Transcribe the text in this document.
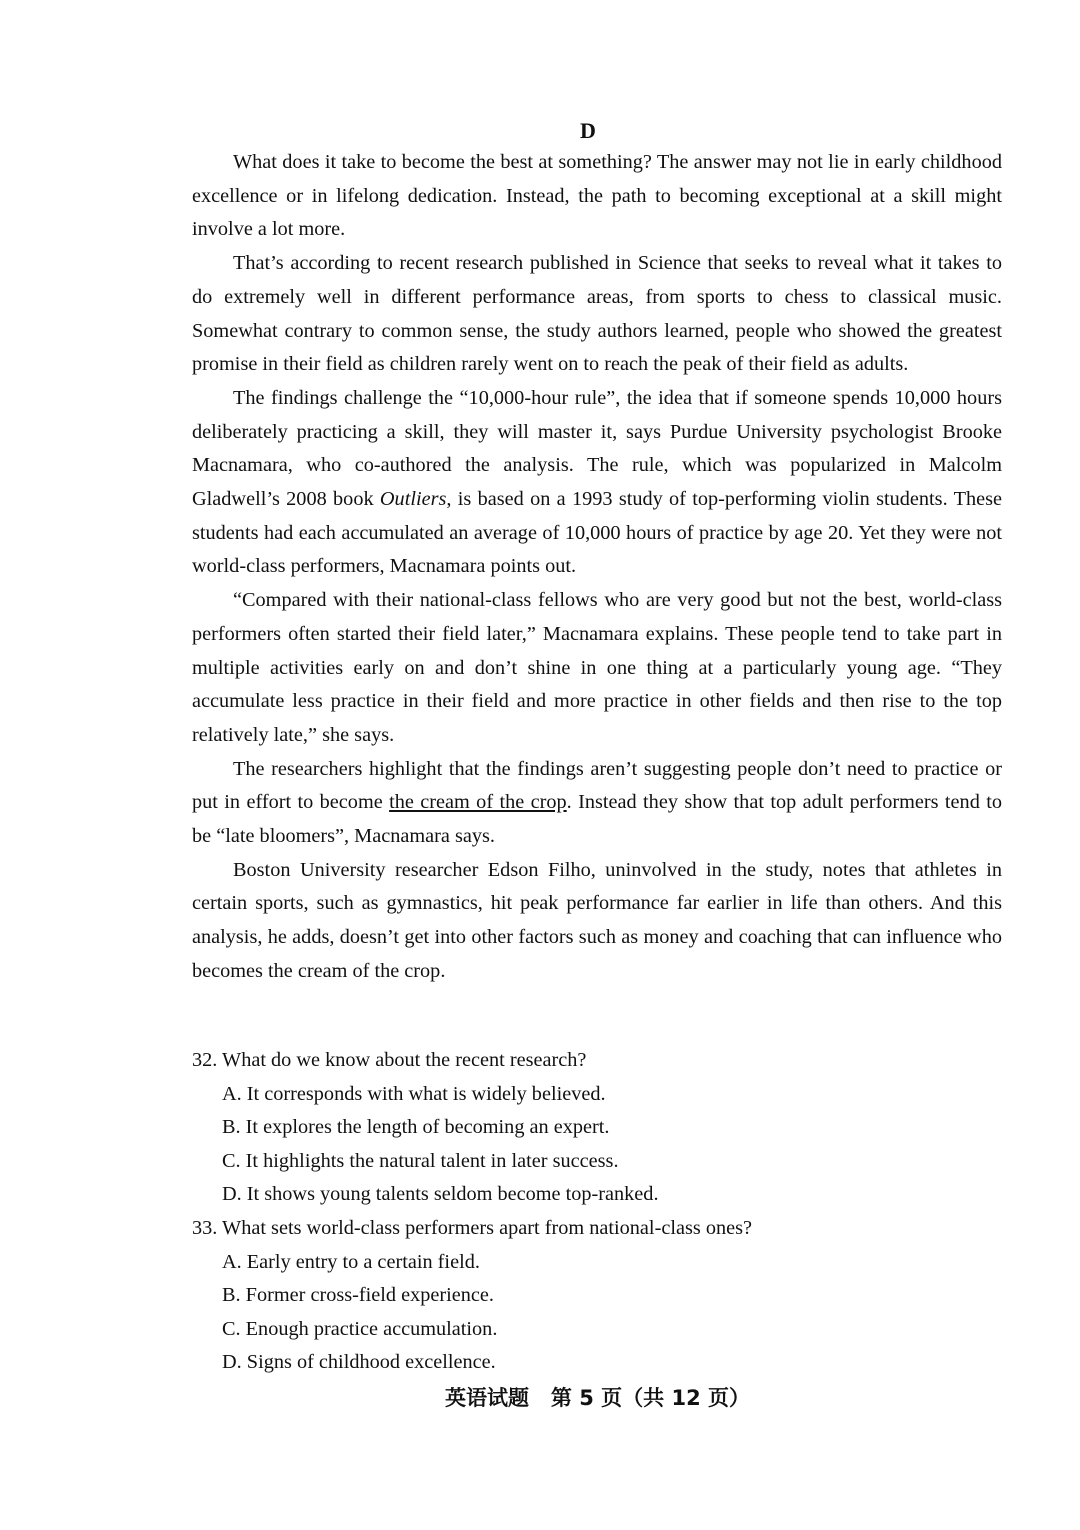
D

What does it take to become the best at something? The answer may not lie in early childhood excellence or in lifelong dedication. Instead, the path to becoming exceptional at a skill might involve a lot more.

That’s according to recent research published in Science that seeks to reveal what it takes to do extremely well in different performance areas, from sports to chess to classical music. Somewhat contrary to common sense, the study authors learned, people who showed the greatest promise in their field as children rarely went on to reach the peak of their field as adults.

The findings challenge the “10,000-hour rule”, the idea that if someone spends 10,000 hours deliberately practicing a skill, they will master it, says Purdue University psychologist Brooke Macnamara, who co-authored the analysis. The rule, which was popularized in Malcolm Gladwell’s 2008 book Outliers, is based on a 1993 study of top-performing violin students. These students had each accumulated an average of 10,000 hours of practice by age 20. Yet they were not world-class performers, Macnamara points out.

“Compared with their national-class fellows who are very good but not the best, world-class performers often started their field later,” Macnamara explains. These people tend to take part in multiple activities early on and don’t shine in one thing at a particularly young age. “They accumulate less practice in their field and more practice in other fields and then rise to the top relatively late,” she says.

The researchers highlight that the findings aren’t suggesting people don’t need to practice or put in effort to become the cream of the crop. Instead they show that top adult performers tend to be “late bloomers”, Macnamara says.

Boston University researcher Edson Filho, uninvolved in the study, notes that athletes in certain sports, such as gymnastics, hit peak performance far earlier in life than others. And this analysis, he adds, doesn’t get into other factors such as money and coaching that can influence who becomes the cream of the crop.

32. What do we know about the recent research?

A. It corresponds with what is widely believed.

B. It explores the length of becoming an expert.

C. It highlights the natural talent in later success.

D. It shows young talents seldom become top-ranked.

33. What sets world-class performers apart from national-class ones?

A. Early entry to a certain field.

B. Former cross-field experience.

C. Enough practice accumulation.

D. Signs of childhood excellence.

英语试题 第 5 页（共 12 页）
